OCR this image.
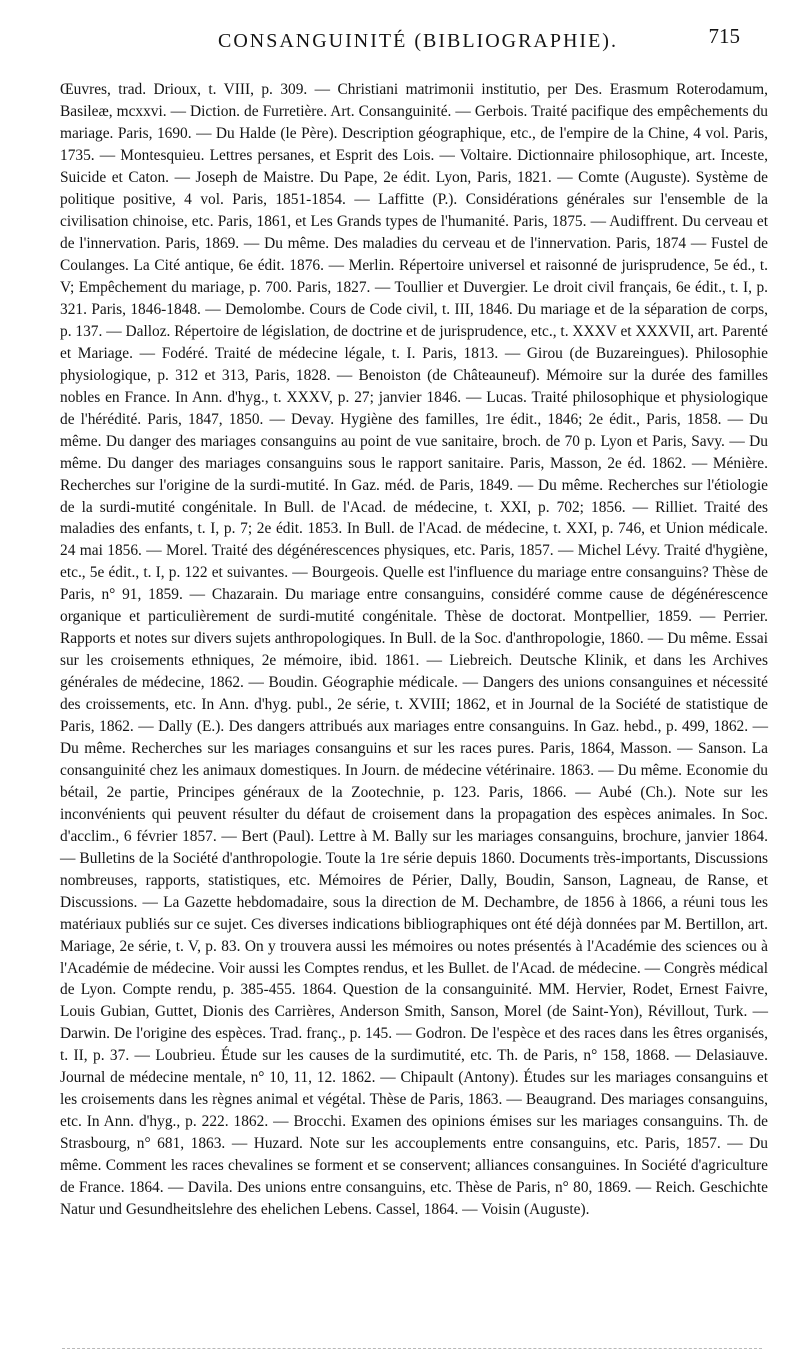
CONSANGUINITÉ (BIBLIOGRAPHIE).	715

Œuvres, trad. Drioux, t. VIII, p. 309. — Christiani matrimonii institutio, per Des. Erasmum Roterodamum, Basileæ, mcxxvi. — Diction. de Furretière. Art. Consanguinité. — Gerbois. Traité pacifique des empêchements du mariage. Paris, 1690. — Du Halde (le Père). Description géographique, etc., de l'empire de la Chine, 4 vol. Paris, 1735. — Montesquieu. Lettres persanes, et Esprit des Lois. — Voltaire. Dictionnaire philosophique, art. Inceste, Suicide et Caton. — Joseph de Maistre. Du Pape, 2e édit. Lyon, Paris, 1821. — Comte (Auguste). Système de politique positive, 4 vol. Paris, 1851-1854. — Laffitte (P.). Considérations générales sur l'ensemble de la civilisation chinoise, etc. Paris, 1861, et Les Grands types de l'humanité. Paris, 1875. — Audiffrent. Du cerveau et de l'innervation. Paris, 1869. — Du même. Des maladies du cerveau et de l'innervation. Paris, 1874 — Fustel de Coulanges. La Cité antique, 6e édit. 1876. — Merlin. Répertoire universel et raisonné de jurisprudence, 5e éd., t. V; Empêchement du mariage, p. 700. Paris, 1827. — Toullier et Duvergier. Le droit civil français, 6e édit., t. I, p. 321. Paris, 1846-1848. — Demolombe. Cours de Code civil, t. III, 1846. Du mariage et de la séparation de corps, p. 137. — Dalloz. Répertoire de législation, de doctrine et de jurisprudence, etc., t. XXXV et XXXVII, art. Parenté et Mariage. — Fodéré. Traité de médecine légale, t. I. Paris, 1813. — Girou (de Buzareingues). Philosophie physiologique, p. 312 et 313, Paris, 1828. — Benoiston (de Châteauneuf). Mémoire sur la durée des familles nobles en France. In Ann. d'hyg., t. XXXV, p. 27; janvier 1846. — Lucas. Traité philosophique et physiologique de l'hérédité. Paris, 1847, 1850. — Devay. Hygiène des familles, 1re édit., 1846; 2e édit., Paris, 1858. — Du même. Du danger des mariages consanguins au point de vue sanitaire, broch. de 70 p. Lyon et Paris, Savy. — Du même. Du danger des mariages consanguins sous le rapport sanitaire. Paris, Masson, 2e éd. 1862. — Ménière. Recherches sur l'origine de la surdi-mutité. In Gaz. méd. de Paris, 1849. — Du même. Recherches sur l'étiologie de la surdi-mutité congénitale. In Bull. de l'Acad. de médecine, t. XXI, p. 702; 1856. — Rilliet. Traité des maladies des enfants, t. I, p. 7; 2e édit. 1853. In Bull. de l'Acad. de médecine, t. XXI, p. 746, et Union médicale. 24 mai 1856. — Morel. Traité des dégénérescences physiques, etc. Paris, 1857. — Michel Lévy. Traité d'hygiène, etc., 5e édit., t. I, p. 122 et suivantes. — Bourgeois. Quelle est l'influence du mariage entre consanguins? Thèse de Paris, n° 91, 1859. — Chazarain. Du mariage entre consanguins, considéré comme cause de dégénérescence organique et particulièrement de surdi-mutité congénitale. Thèse de doctorat. Montpellier, 1859. — Perrier. Rapports et notes sur divers sujets anthropologiques. In Bull. de la Soc. d'anthropologie, 1860. — Du même. Essai sur les croisements ethniques, 2e mémoire, ibid. 1861. — Liebreich. Deutsche Klinik, et dans les Archives générales de médecine, 1862. — Boudin. Géographie médicale. — Dangers des unions consanguines et nécessité des croissements, etc. In Ann. d'hyg. publ., 2e série, t. XVIII; 1862, et in Journal de la Société de statistique de Paris, 1862. — Dally (E.). Des dangers attribués aux mariages entre consanguins. In Gaz. hebd., p. 499, 1862. — Du même. Recherches sur les mariages consanguins et sur les races pures. Paris, 1864, Masson. — Sanson. La consanguinité chez les animaux domestiques. In Journ. de médecine vétérinaire. 1863. — Du même. Economie du bétail, 2e partie, Principes généraux de la Zootechnie, p. 123. Paris, 1866. — Aubé (Ch.). Note sur les inconvénients qui peuvent résulter du défaut de croisement dans la propagation des espèces animales. In Soc. d'acclim., 6 février 1857. — Bert (Paul). Lettre à M. Bally sur les mariages consanguins, brochure, janvier 1864. — Bulletins de la Société d'anthropologie. Toute la 1re série depuis 1860. Documents très-importants, Discussions nombreuses, rapports, statistiques, etc. Mémoires de Périer, Dally, Boudin, Sanson, Lagneau, de Ranse, et Discussions. — La Gazette hebdomadaire, sous la direction de M. Dechambre, de 1856 à 1866, a réuni tous les matériaux publiés sur ce sujet. Ces diverses indications bibliographiques ont été déjà données par M. Bertillon, art. Mariage, 2e série, t. V, p. 83. On y trouvera aussi les mémoires ou notes présentés à l'Académie des sciences ou à l'Académie de médecine. Voir aussi les Comptes rendus, et les Bullet. de l'Acad. de médecine. — Congrès médical de Lyon. Compte rendu, p. 385-455. 1864. Question de la consanguinité. MM. Hervier, Rodet, Ernest Faivre, Louis Gubian, Guttet, Dionis des Carrières, Anderson Smith, Sanson, Morel (de Saint-Yon), Révillout, Turk. — Darwin. De l'origine des espèces. Trad. franç., p. 145. — Godron. De l'espèce et des races dans les êtres organisés, t. II, p. 37. — Loubrieu. Étude sur les causes de la surdimutité, etc. Th. de Paris, n° 158, 1868. — Delasiauve. Journal de médecine mentale, n° 10, 11, 12. 1862. — Chipault (Antony). Études sur les mariages consanguins et les croisements dans les règnes animal et végétal. Thèse de Paris, 1863. — Beaugrand. Des mariages consanguins, etc. In Ann. d'hyg., p. 222. 1862. — Brocchi. Examen des opinions émises sur les mariages consanguins. Th. de Strasbourg, n° 681, 1863. — Huzard. Note sur les accouplements entre consanguins, etc. Paris, 1857. — Du même. Comment les races chevalines se forment et se conservent; alliances consanguines. In Société d'agriculture de France. 1864. — Davila. Des unions entre consanguins, etc. Thèse de Paris, n° 80, 1869. — Reich. Geschichte Natur und Gesundheitslehre des ehelichen Lebens. Cassel, 1864. — Voisin (Auguste).
